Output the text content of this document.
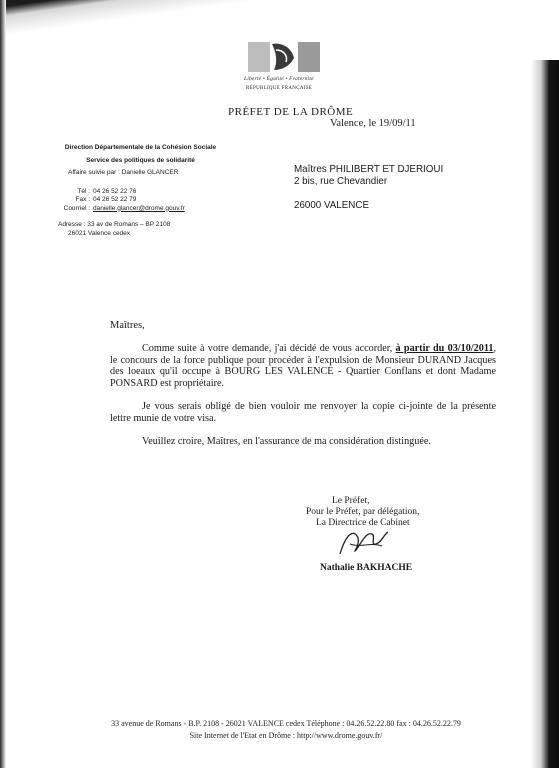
Liberté • Égalité • Fraternité
RÉPUBLIQUE FRANÇAISE
PRÉFET DE LA DRÔME
Valence, le 19/09/11
Direction Départementale de la Cohésion Sociale
Service des politiques de solidarité
Affaire suivie par : Danielle GLANCER
Tél : 04 26 52 22 76
Fax : 04 26 52 22 79
Courriel : danielle.glancer@drome.gouv.fr
Adresse : 33 av de Romans – BP 2108
26021 Valence cedex
Maîtres PHILIBERT ET DJERIOUI
2 bis, rue Chevandier
26000 VALENCE
Maîtres,

Comme suite à votre demande, j'ai décidé de vous accorder, à partir du 03/10/2011, le concours de la force publique pour procéder à l'expulsion de Monsieur DURAND Jacques des loeaux qu'il occupe à BOURG LES VALENCE - Quartier Conflans et dont Madame PONSARD est propriétaire.

Je vous serais obligé de bien vouloir me renvoyer la copie ci-jointe de la présente lettre munie de votre visa.

Veuillez croire, Maîtres, en l'assurance de ma considération distinguée.

Le Préfet,
Pour le Préfet, par délégation,
La Directrice de Cabinet
Nathalie BAKHACHE
33 avenue de Romans - B.P. 2108 - 26021 VALENCE cedex Téléphone : 04.26.52.22.80 fax : 04.26.52.22.79
Site Internet de l'Etat en Drôme : http://www.drome.gouv.fr/
